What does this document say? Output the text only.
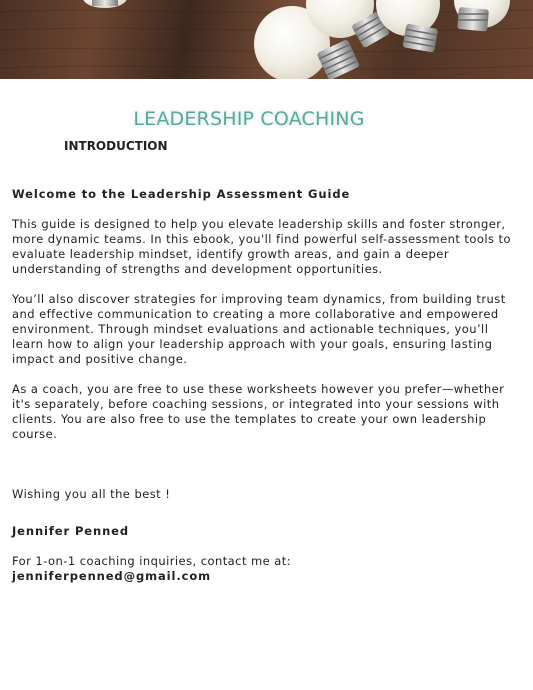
LEADERSHIP COACHING
INTRODUCTION

Welcome to the Leadership Assessment Guide

This guide is designed to help you elevate leadership skills and foster stronger, more dynamic teams. In this ebook, you'll find powerful self-assessment tools to evaluate leadership mindset, identify growth areas, and gain a deeper understanding of strengths and development opportunities.

You’ll also discover strategies for improving team dynamics, from building trust and effective communication to creating a more collaborative and empowered environment. Through mindset evaluations and actionable techniques, you’ll learn how to align your leadership approach with your goals, ensuring lasting impact and positive change.

As a coach, you are free to use these worksheets however you prefer—whether it's separately, before coaching sessions, or integrated into your sessions with clients. You are also free to use the templates to create your own leadership course.

Wishing you all the best !

Jennifer Penned

For 1-on-1 coaching inquiries, contact me at:

jenniferpenned@gmail.com
